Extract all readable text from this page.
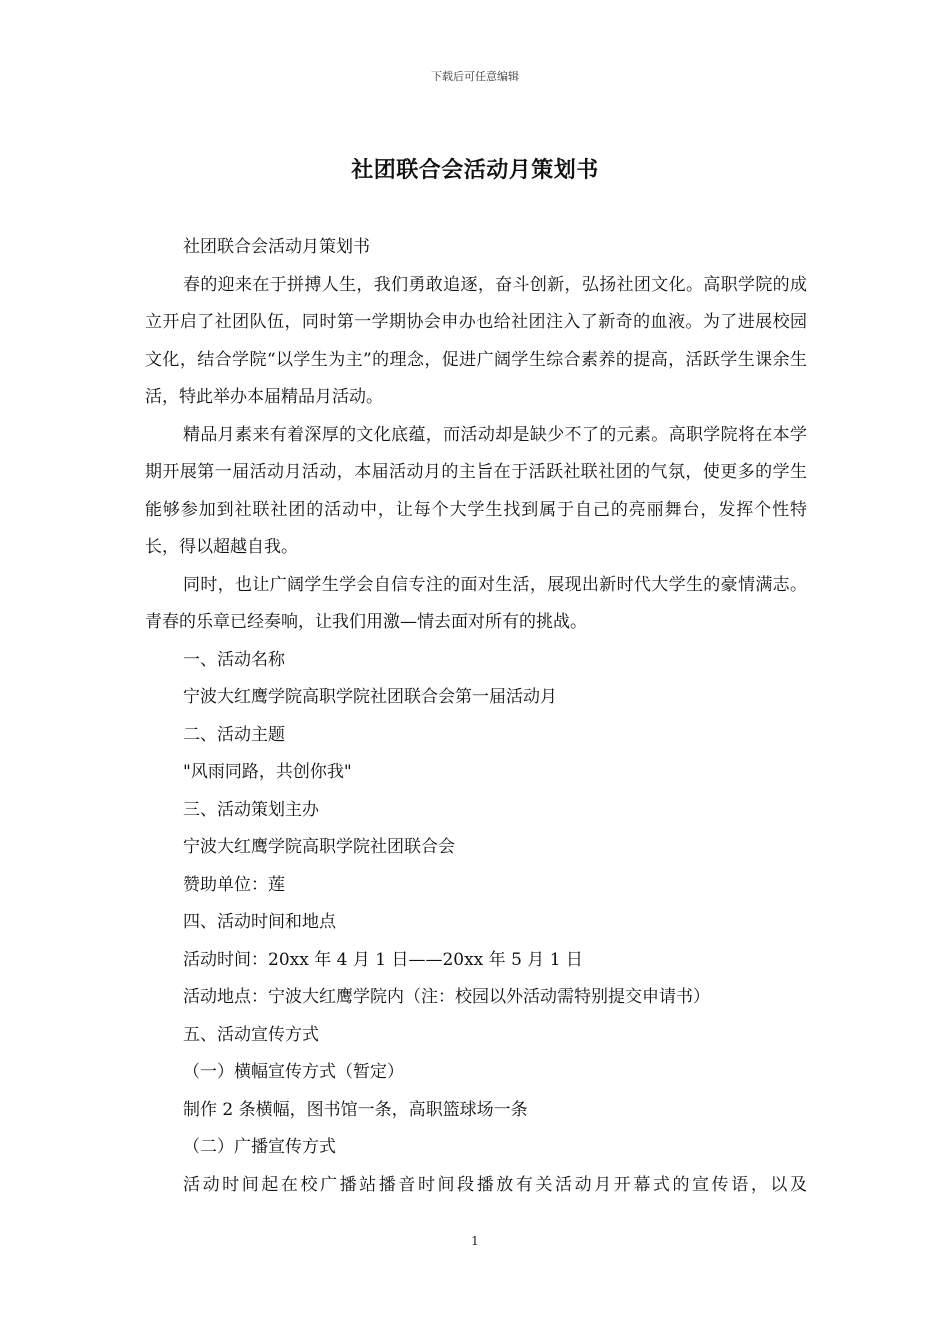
下载后可任意编辑
社团联合会活动月策划书

社团联合会活动月策划书

春的迎来在于拼搏人生，我们勇敢追逐，奋斗创新，弘扬社团文化。高职学院的成立开启了社团队伍，同时第一学期协会申办也给社团注入了新奇的血液。为了进展校园文化，结合学院“以学生为主”的理念，促进广阔学生综合素养的提高，活跃学生课余生活，特此举办本届精品月活动。

精品月素来有着深厚的文化底蕴，而活动却是缺少不了的元素。高职学院将在本学期开展第一届活动月活动，本届活动月的主旨在于活跃社联社团的气氛，使更多的学生能够参加到社联社团的活动中，让每个大学生找到属于自己的亮丽舞台，发挥个性特长，得以超越自我。

同时，也让广阔学生学会自信专注的面对生活，展现出新时代大学生的豪情满志。青春的乐章已经奏响，让我们用激—情去面对所有的挑战。

一、活动名称

宁波大红鹰学院高职学院社团联合会第一届活动月

二、活动主题

"风雨同路，共创你我"

三、活动策划主办

宁波大红鹰学院高职学院社团联合会

赞助单位：莲

四、活动时间和地点

活动时间：20xx 年 4 月 1 日——20xx 年 5 月 1 日

活动地点：宁波大红鹰学院内（注：校园以外活动需特别提交申请书）

五、活动宣传方式

（一）横幅宣传方式（暂定）

制作 2 条横幅，图书馆一条，高职篮球场一条

（二）广播宣传方式

活动时间起在校广播站播音时间段播放有关活动月开幕式的宣传语，以及

1
